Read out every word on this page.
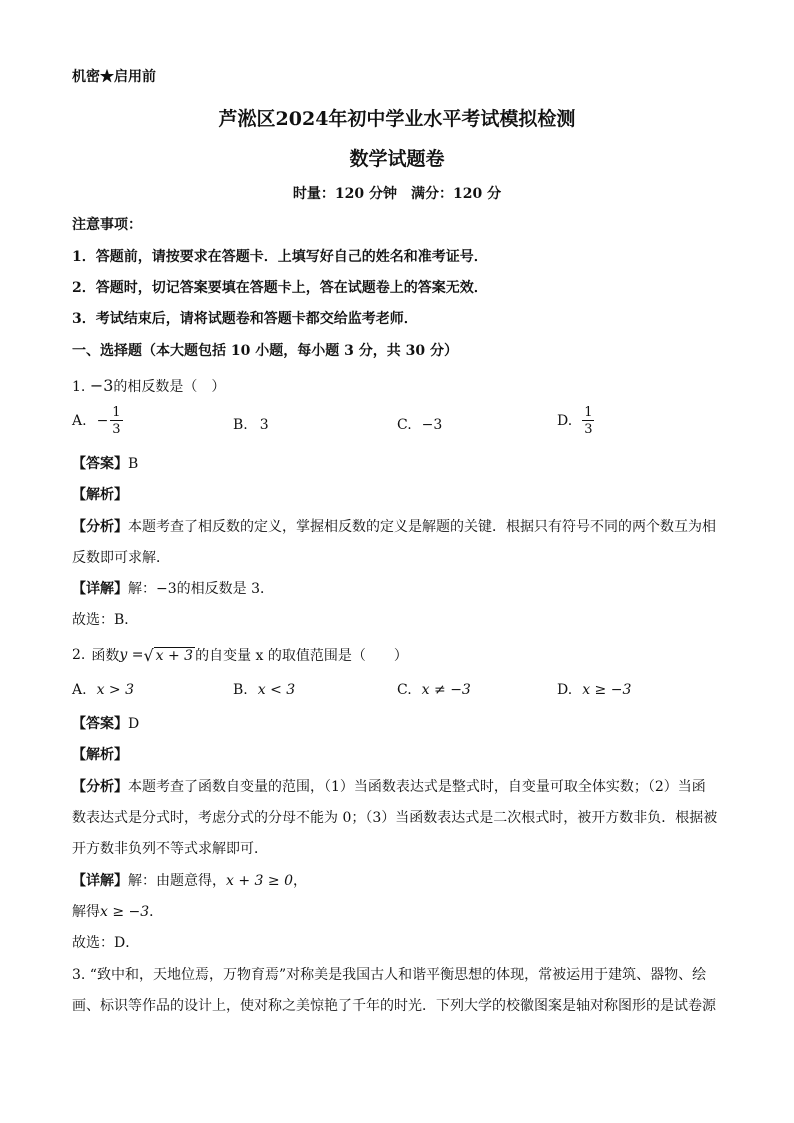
机密★启用前
芦淞区2024年初中学业水平考试模拟检测
数学试题卷
时量：120 分钟　满分：120 分
注意事项：
1．答题前，请按要求在答题卡．上填写好自己的姓名和准考证号．
2．答题时，切记答案要填在答题卡上，答在试题卷上的答案无效．
3．考试结束后，请将试题卷和答题卡都交给监考老师．
一、选择题（本大题包括 10 小题，每小题 3 分，共 30 分）
1. −3的相反数是（　）
A. − $\frac{1}{3}$	B. 3	C. −3	D. $\frac{1}{3}$
【答案】B
【解析】
【分析】本题考查了相反数的定义，掌握相反数的定义是解题的关键．根据只有符号不同的两个数互为相
反数即可求解．
【详解】解：−3的相反数是 3．
故选：B．
2. 函数 y = √ x + 3 的自变量 x 的取值范围是（　　）
A. x > 3	B. x < 3	C. x ≠ −3	D. x ≥ −3
【答案】D
【解析】
【分析】本题考查了函数自变量的范围，（1）当函数表达式是整式时，自变量可取全体实数；（2）当函
数表达式是分式时，考虑分式的分母不能为 0；（3）当函数表达式是二次根式时，被开方数非负．根据被
开方数非负列不等式求解即可．
【详解】解：由题意得，x + 3 ≥ 0，
解得x ≥ −3．
故选：D．
3. “致中和，天地位焉，万物育焉”对称美是我国古人和谐平衡思想的体现，常被运用于建筑、器物、绘
画、标识等作品的设计上，使对称之美惊艳了千年的时光．下列大学的校徽图案是轴对称图形的是试卷源
